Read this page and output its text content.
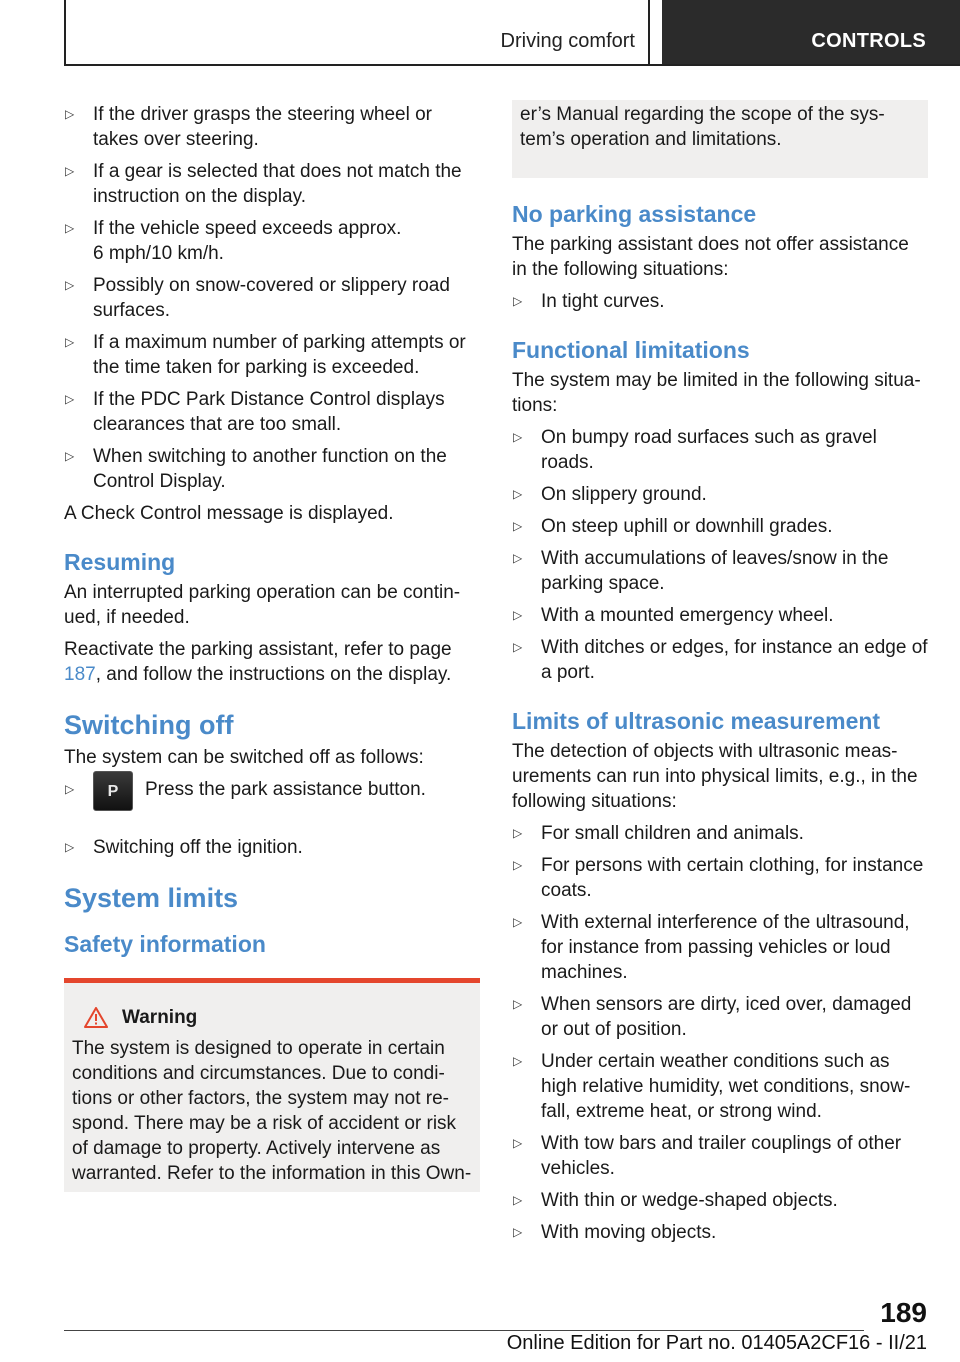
Driving comfort	CONTROLS
▷ If the driver grasps the steering wheel or takes over steering.
▷ If a gear is selected that does not match the instruction on the display.
▷ If the vehicle speed exceeds approx.
6 mph/10 km/h.
▷ Possibly on snow-covered or slippery road surfaces.
▷ If a maximum number of parking attempts or the time taken for parking is exceeded.
▷ If the PDC Park Distance Control displays clearances that are too small.
▷ When switching to another function on the Control Display.

A Check Control message is displayed.

Resuming

An interrupted parking operation can be continued, if needed.

Reactivate the parking assistant, refer to page 187, and follow the instructions on the display.

Switching off

The system can be switched off as follows:

▷	P	Press the park assistance button.
▷ Switching off the ignition.
System limits
Safety information
Warning
The system is designed to operate in certain conditions and circumstances. Due to conditions or other factors, the system may not respond. There may be a risk of accident or risk of damage to property. Actively intervene as warranted. Refer to the information in this Own-
er’s Manual regarding the scope of the system’s operation and limitations.
No parking assistance

The parking assistant does not offer assistance in the following situations:

▷ In tight curves.
Functional limitations

The system may be limited in the following situations:

▷ On bumpy road surfaces such as gravel roads.
▷ On slippery ground.
▷ On steep uphill or downhill grades.
▷ With accumulations of leaves/snow in the parking space.
▷ With a mounted emergency wheel.
▷ With ditches or edges, for instance an edge of a port.
Limits of ultrasonic measurement

The detection of objects with ultrasonic measurements can run into physical limits, e.g., in the following situations:

▷ For small children and animals.
▷ For persons with certain clothing, for instance coats.
▷ With external interference of the ultrasound, for instance from passing vehicles or loud machines.
▷ When sensors are dirty, iced over, damaged or out of position.
▷ Under certain weather conditions such as high relative humidity, wet conditions, snowfall, extreme heat, or strong wind.
▷ With tow bars and trailer couplings of other vehicles.
▷ With thin or wedge-shaped objects.
▷ With moving objects.
189
Online Edition for Part no. 01405A2CF16 - II/21
